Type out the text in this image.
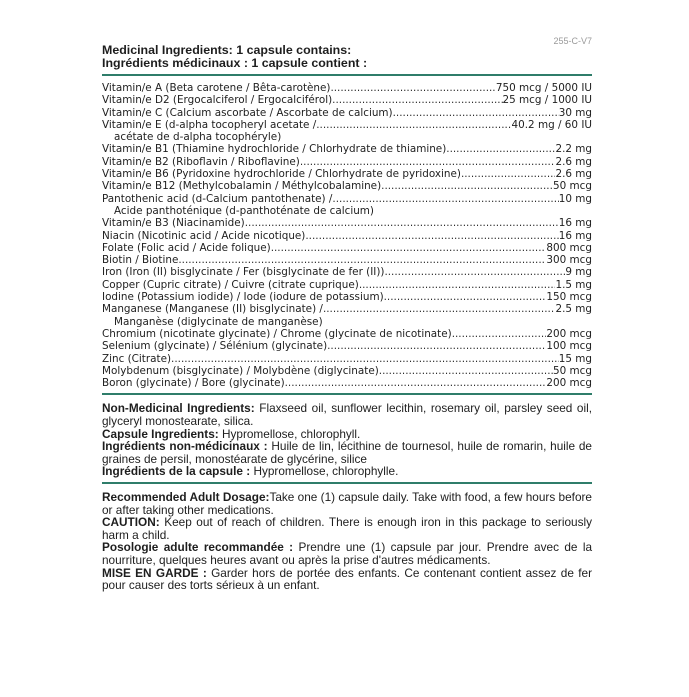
255-C-V7
Medicinal Ingredients: 1 capsule contains:
Ingrédients médicinaux : 1 capsule contient :
Vitamin/e A (Beta carotene / Bêta-carotène) .....	750 mcg / 5000 IU
Vitamin/e D2 (Ergocalciferol / Ergocalciférol) .....	25 mcg / 1000 IU
Vitamin/e C (Calcium ascorbate / Ascorbate de calcium) .....	30 mg
Vitamin/e E (d-alpha tocopheryl acetate / .....	40.2 mg / 60 IU
acétate de d-alpha tocophéryle)
Vitamin/e B1 (Thiamine hydrochloride / Chlorhydrate de thiamine) .....	2.2 mg
Vitamin/e B2 (Riboflavin / Riboflavine) .....	2.6 mg
Vitamin/e B6 (Pyridoxine hydrochloride / Chlorhydrate de pyridoxine) .....	2.6 mg
Vitamin/e B12 (Methylcobalamin / Méthylcobalamine) .....	50 mcg
Pantothenic acid (d-Calcium pantothenate) / .....	10 mg
Acide panthoténique (d-panthoténate de calcium)
Vitamin/e B3 (Niacinamide) .....	16 mg
Niacin (Nicotinic acid / Acide nicotique) .....	16 mg
Folate (Folic acid / Acide folique) .....	800 mcg
Biotin / Biotine .....	300 mcg
Iron (Iron (II) bisglycinate / Fer (bisglycinate de fer (II)) .....	9 mg
Copper (Cupric citrate) / Cuivre (citrate cuprique) .....	1.5 mg
Iodine (Potassium iodide) / Iode (iodure de potassium) .....	150 mcg
Manganese (Manganese (II) bisglycinate) / .....	2.5 mg
Manganèse (diglycinate de manganèse)
Chromium (nicotinate glycinate) / Chrome (glycinate de nicotinate) .....	200 mcg
Selenium (glycinate) / Sélénium (glycinate) .....	100 mcg
Zinc (Citrate) .....	15 mg
Molybdenum (bisglycinate) / Molybdène (diglycinate) .....	50 mcg
Boron (glycinate) / Bore (glycinate) .....	200 mcg
Non-Medicinal Ingredients: Flaxseed oil, sunflower lecithin, rosemary oil, parsley seed oil, glyceryl monostearate, silica.
Capsule Ingredients: Hypromellose, chlorophyll.
Ingrédients non-médicinaux : Huile de lin, lécithine de tournesol, huile de romarin, huile de graines de persil, monostéarate de glycérine, silice
Ingrédients de la capsule : Hypromellose, chlorophylle.
Recommended Adult Dosage:Take one (1) capsule daily. Take with food, a few hours before or after taking other medications.
CAUTION: Keep out of reach of children. There is enough iron in this package to seriously harm a child.
Posologie adulte recommandée : Prendre une (1) capsule par jour. Prendre avec de la nourriture, quelques heures avant ou après la prise d'autres médicaments.
MISE EN GARDE : Garder hors de portée des enfants. Ce contenant contient assez de fer pour causer des torts sérieux à un enfant.
